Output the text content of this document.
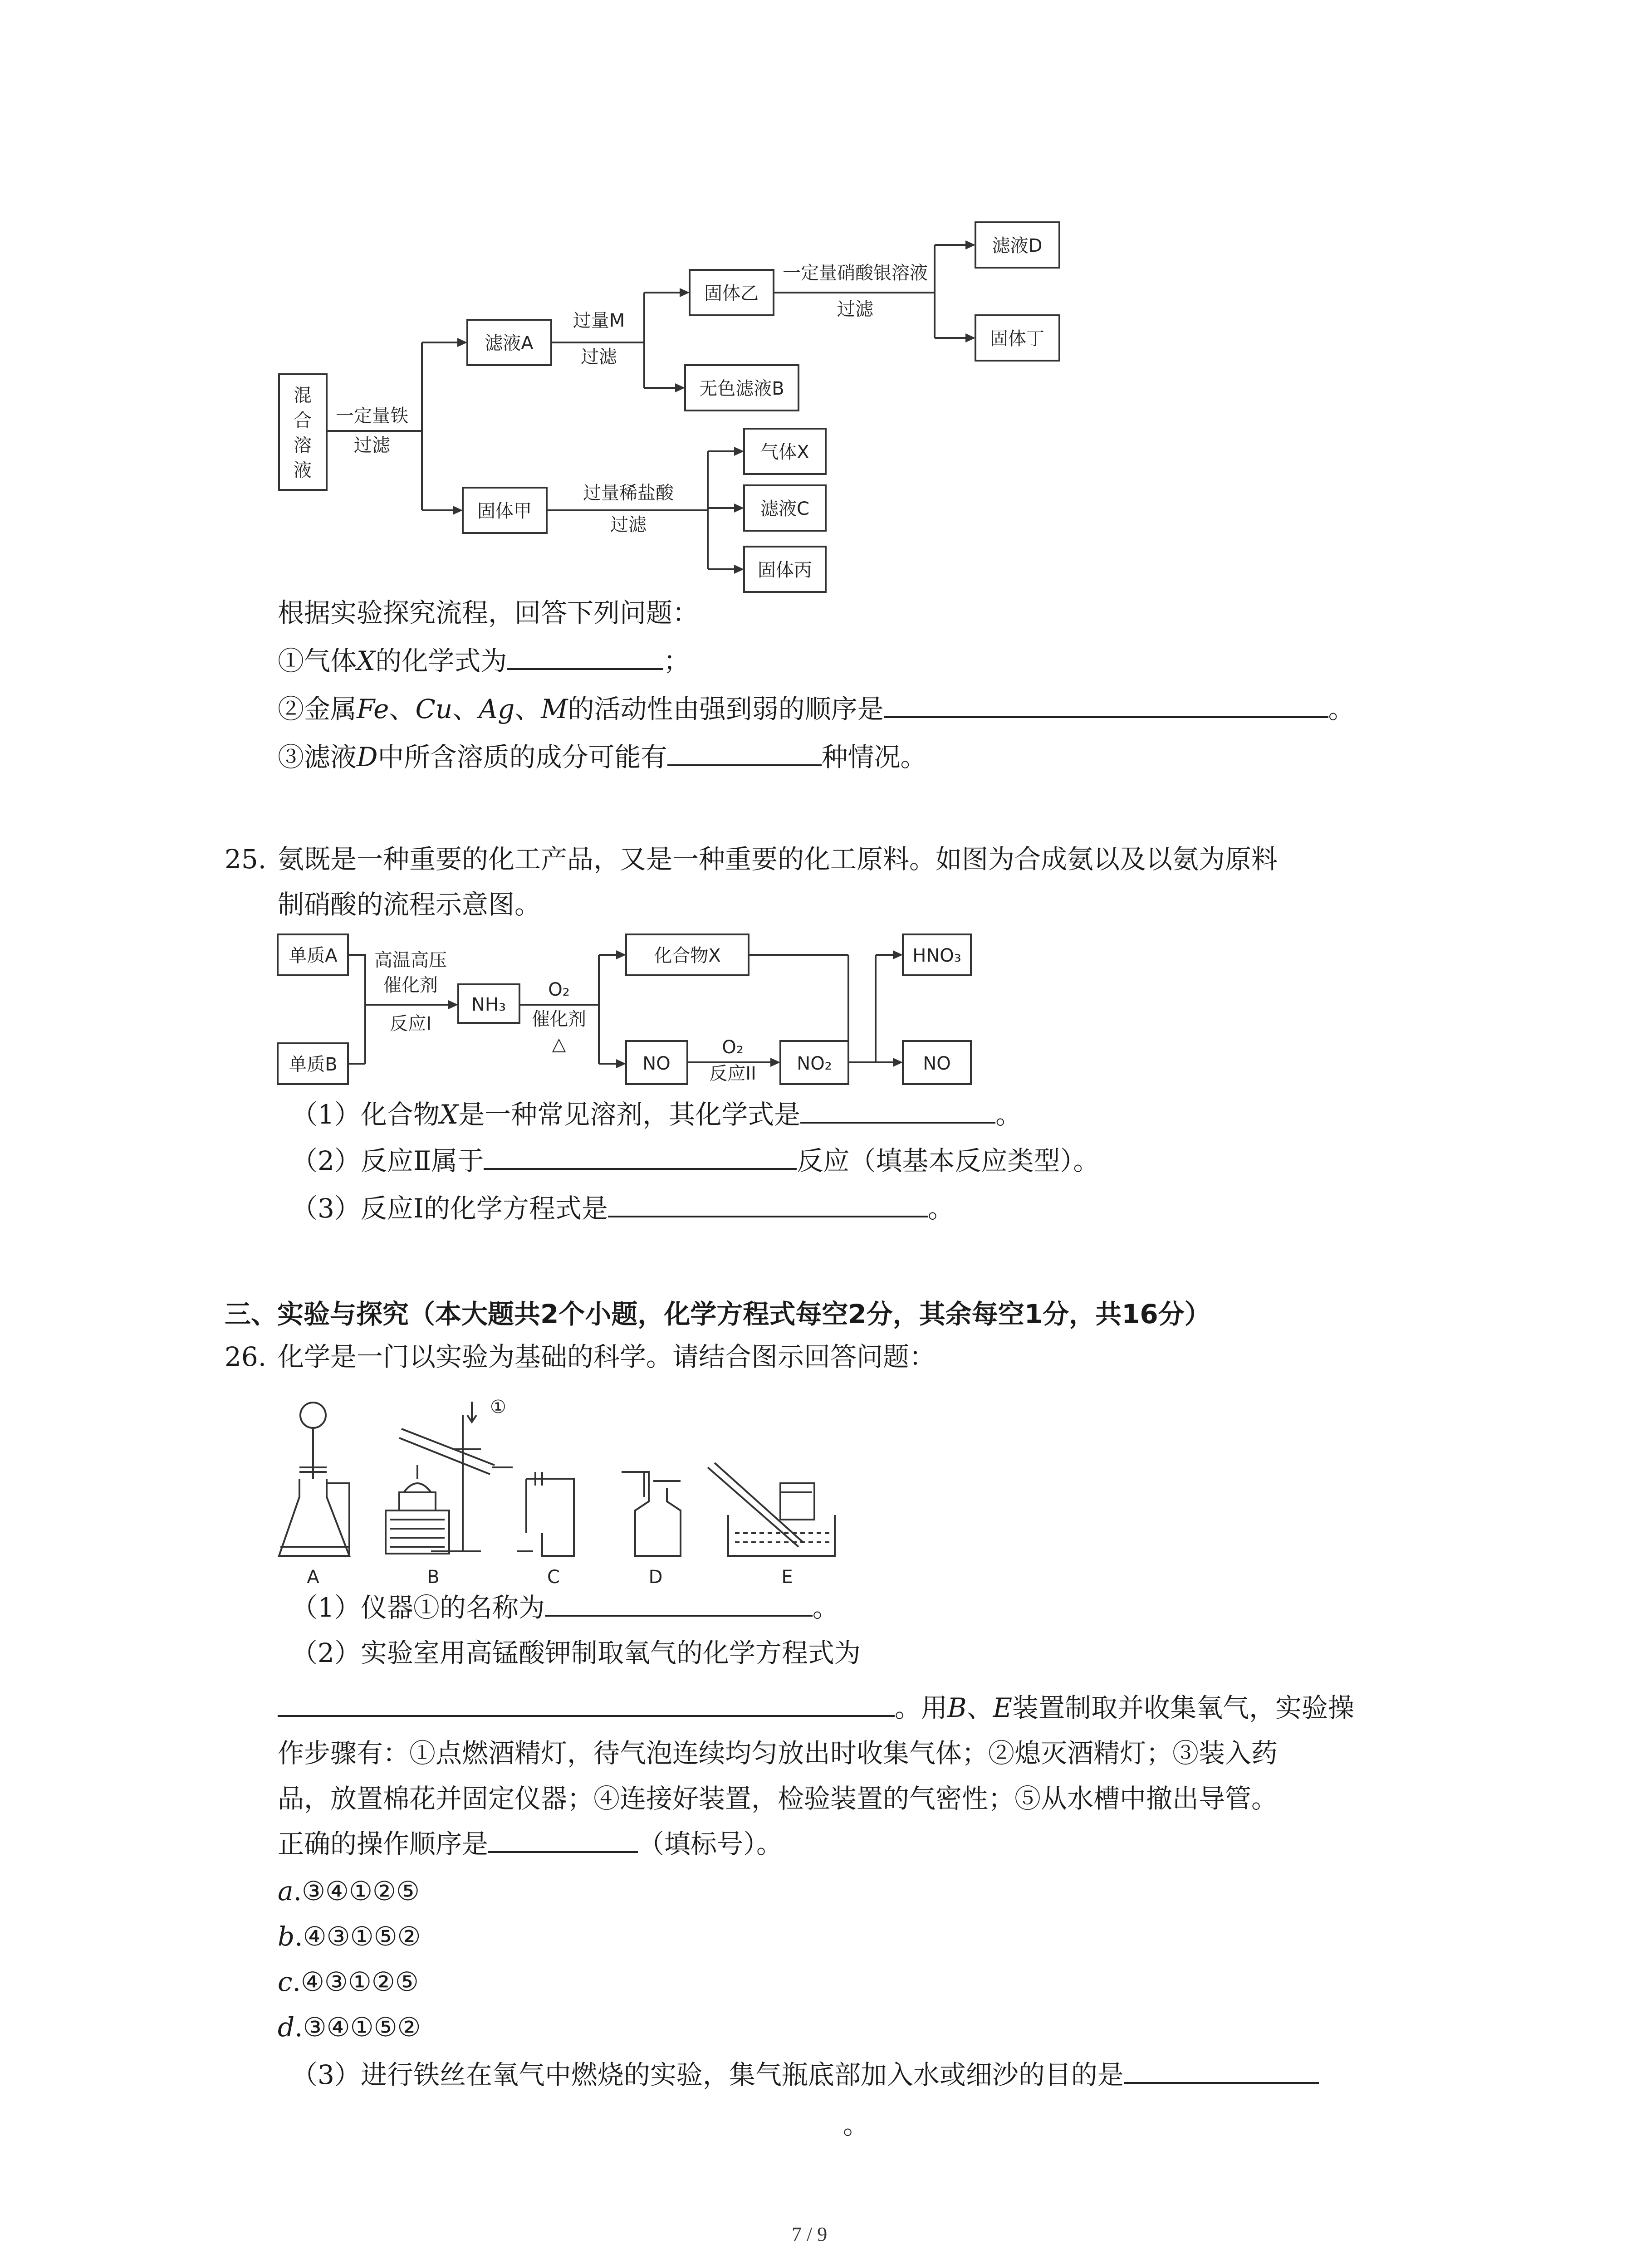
混
合
溶
液
一定量铁
过滤
滤液A
过量M
过滤
固体乙
一定量硝酸银溶液
过滤
滤液D
固体丁
无色滤液B
固体甲
过量稀盐酸
过滤
气体X
滤液C
固体丙
根据实验探究流程，回答下列问题：
①气体X的化学式为	；
②金属Fe、Cu、Ag、M的活动性由强到弱的顺序是	。
③滤液D中所含溶质的成分可能有	种情况。
25. 氨既是一种重要的化工产品，又是一种重要的化工原料。如图为合成氨以及以氨为原料
制硝酸的流程示意图。
单质A
单质B
高温高压
催化剂
反应I
NH₃
O₂
催化剂
△
化合物X
NO
O₂
反应II NO₂
HNO₃
NO
（1）化合物X是一种常见溶剂，其化学式是	。
（2）反应Ⅱ属于	反应（填基本反应类型）。
（3）反应Ⅰ的化学方程式是	。
三、实验与探究（本大题共2个小题，化学方程式每空2分，其余每空1分，共16分）
26. 化学是一门以实验为基础的科学。请结合图示回答问题：
A	B	C	D	E
①
（1）仪器①的名称为	。
（2）实验室用高锰酸钾制取氧气的化学方程式为
。用B、E装置制取并收集氧气，实验操
作步骤有：①点燃酒精灯，待气泡连续均匀放出时收集气体；②熄灭酒精灯；③装入药
品，放置棉花并固定仪器；④连接好装置，检验装置的气密性；⑤从水槽中撤出导管。
正确的操作顺序是	（填标号）。
a.③④①②⑤
b.④③①⑤②
c.④③①②⑤
d.③④①⑤②
（3）进行铁丝在氧气中燃烧的实验，集气瓶底部加入水或细沙的目的是
。
7 / 9
